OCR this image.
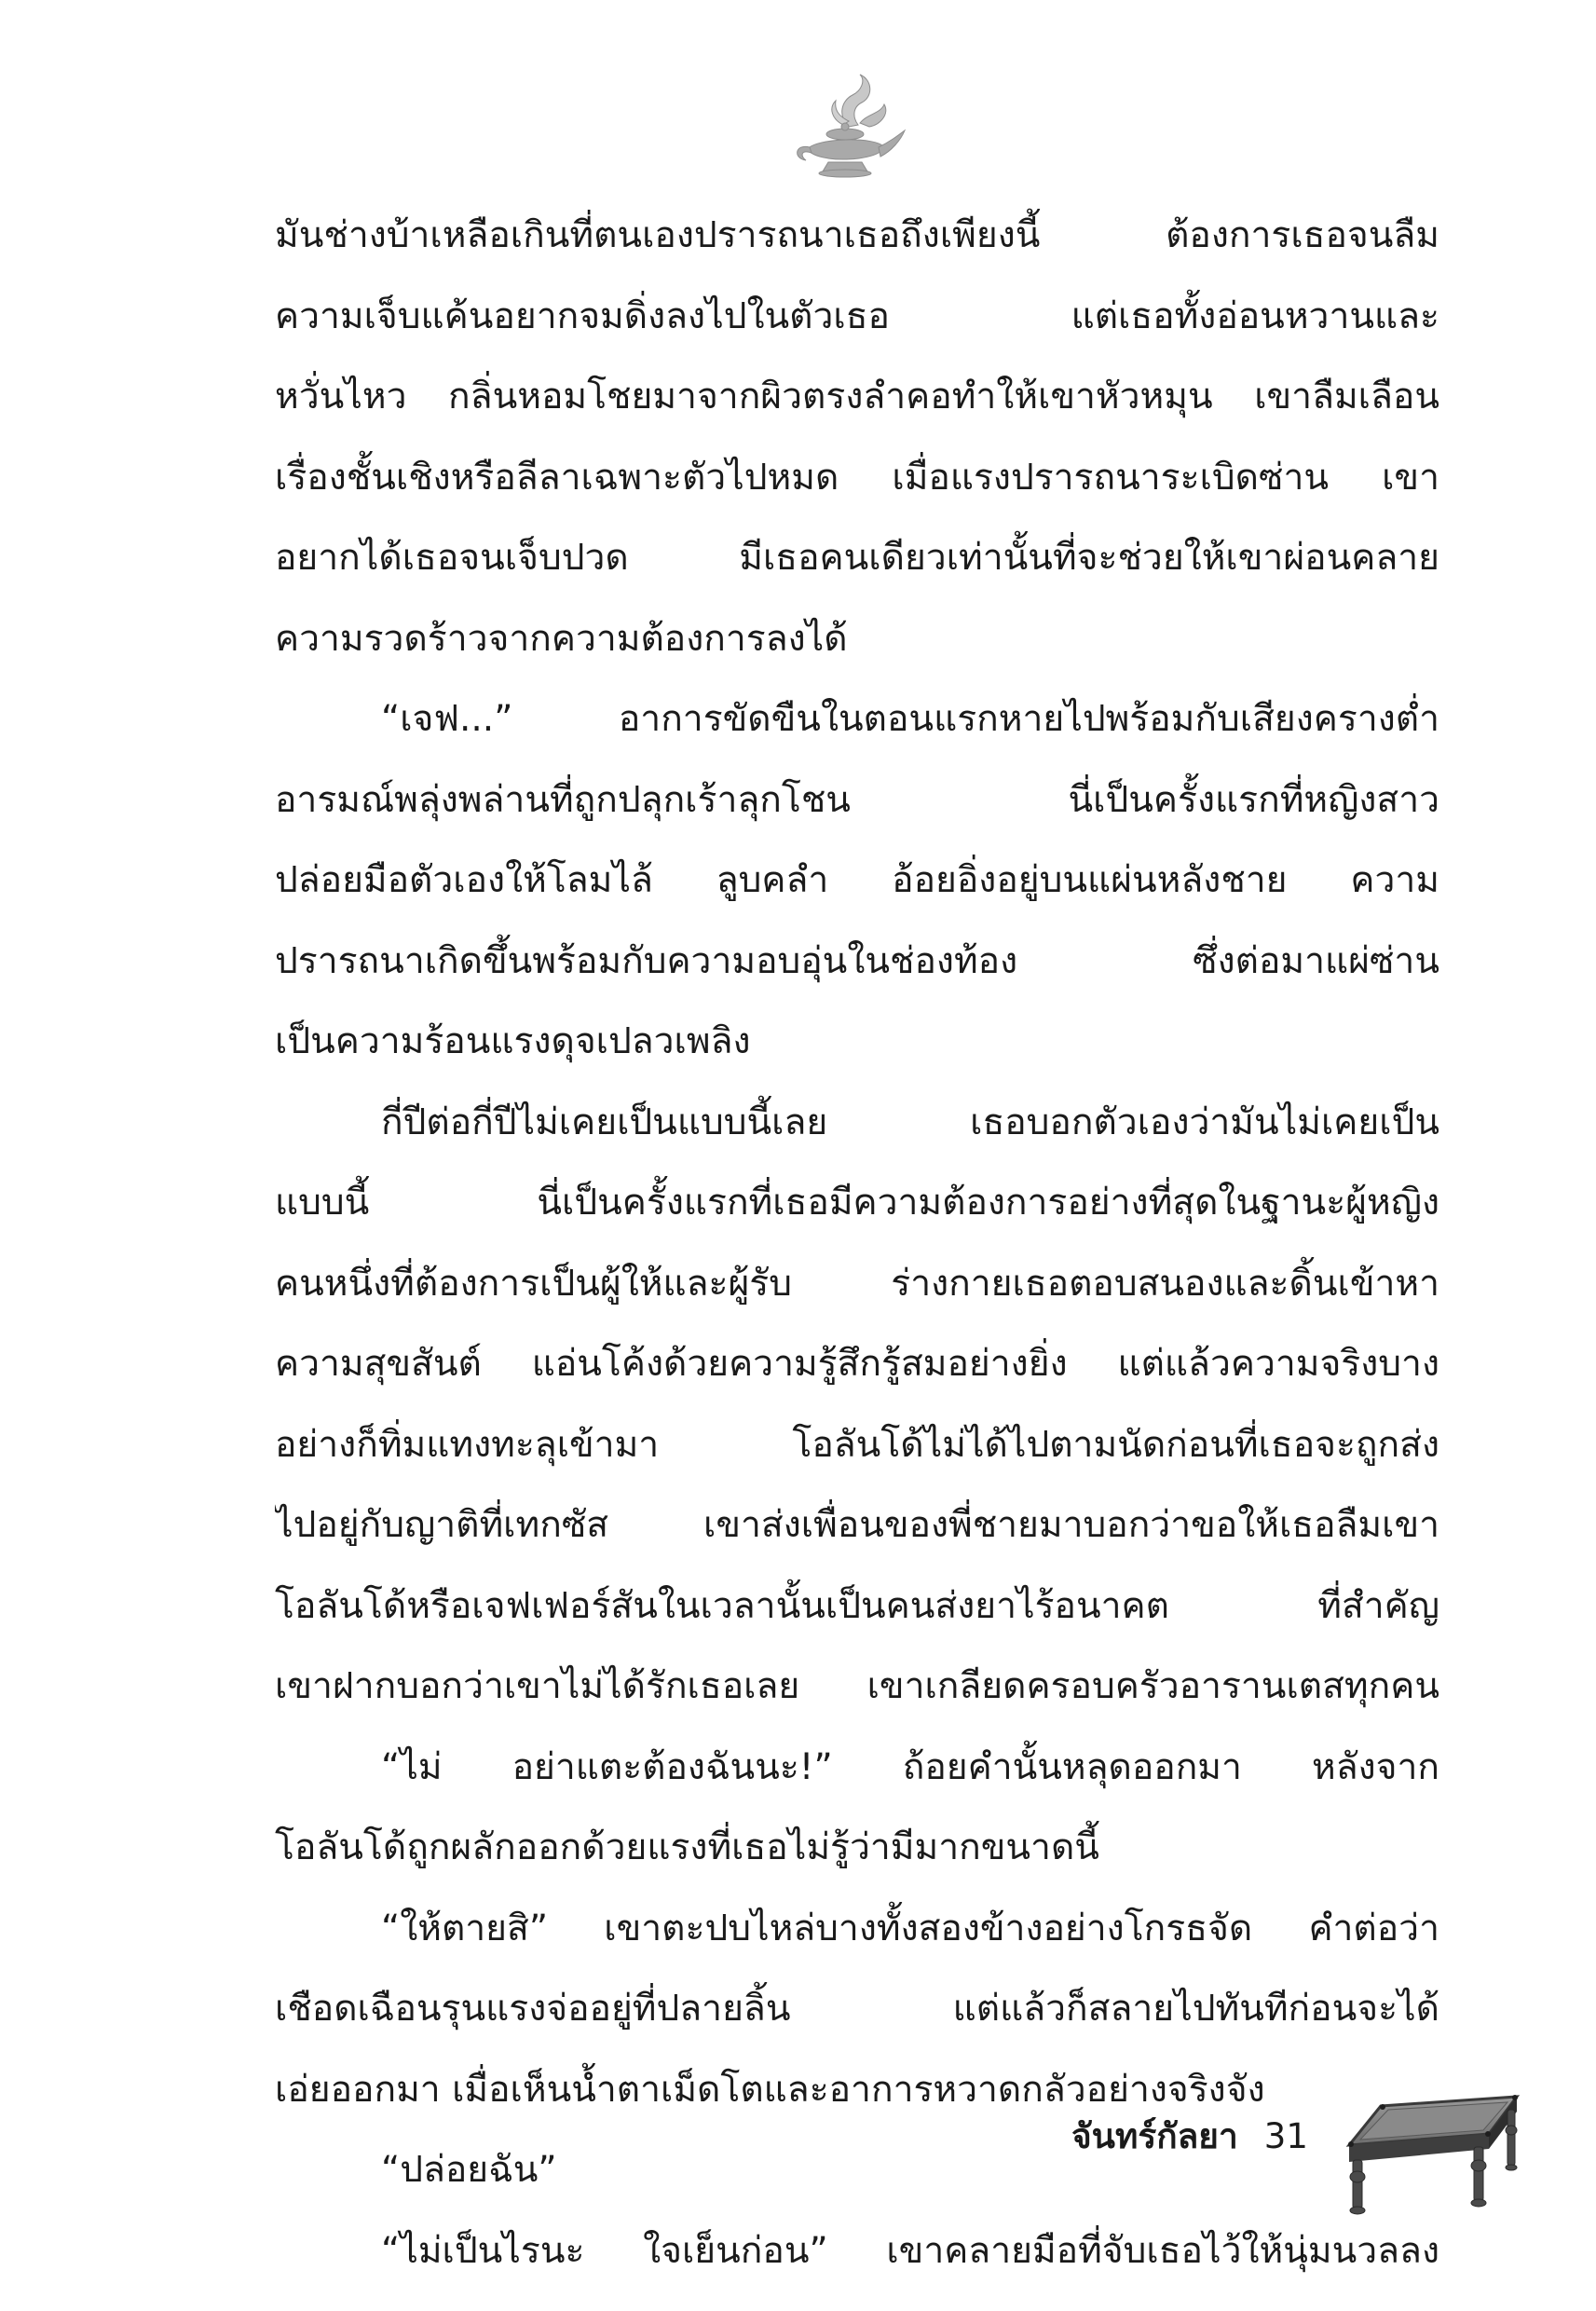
มันช่างบ้าเหลือเกินที่ตนเองปรารถนาเธอถึงเพียงนี้ ต้องการเธอจนลืม
ความเจ็บแค้นอยากจมดิ่งลงไปในตัวเธอ แต่เธอทั้งอ่อนหวานและ
หวั่นไหว กลิ่นหอมโชยมาจากผิวตรงลำคอทำให้เขาหัวหมุน เขาลืมเลือน
เรื่องชั้นเชิงหรือลีลาเฉพาะตัวไปหมด เมื่อแรงปรารถนาระเบิดซ่าน เขา
อยากได้เธอจนเจ็บปวด มีเธอคนเดียวเท่านั้นที่จะช่วยให้เขาผ่อนคลาย
ความรวดร้าวจากความต้องการลงได้
“เจฟ...” อาการขัดขืนในตอนแรกหายไปพร้อมกับเสียงครางต่ำ
อารมณ์พลุ่งพล่านที่ถูกปลุกเร้าลุกโชน นี่เป็นครั้งแรกที่หญิงสาว
ปล่อยมือตัวเองให้โลมไล้ ลูบคลำ อ้อยอิ่งอยู่บนแผ่นหลังชาย ความ
ปรารถนาเกิดขึ้นพร้อมกับความอบอุ่นในช่องท้อง ซึ่งต่อมาแผ่ซ่าน
เป็นความร้อนแรงดุจเปลวเพลิง
กี่ปีต่อกี่ปีไม่เคยเป็นแบบนี้เลย เธอบอกตัวเองว่ามันไม่เคยเป็น
แบบนี้ นี่เป็นครั้งแรกที่เธอมีความต้องการอย่างที่สุดในฐานะผู้หญิง
คนหนึ่งที่ต้องการเป็นผู้ให้และผู้รับ ร่างกายเธอตอบสนองและดิ้นเข้าหา
ความสุขสันต์ แอ่นโค้งด้วยความรู้สึกรู้สมอย่างยิ่ง แต่แล้วความจริงบาง
อย่างก็ทิ่มแทงทะลุเข้ามา โอลันโด้ไม่ได้ไปตามนัดก่อนที่เธอจะถูกส่ง
ไปอยู่กับญาติที่เทกซัส เขาส่งเพื่อนของพี่ชายมาบอกว่าขอให้เธอลืมเขา
โอลันโด้หรือเจฟเฟอร์สันในเวลานั้นเป็นคนส่งยาไร้อนาคต ที่สำคัญ
เขาฝากบอกว่าเขาไม่ได้รักเธอเลย เขาเกลียดครอบครัวอารานเตสทุกคน
“ไม่ อย่าแตะต้องฉันนะ!” ถ้อยคำนั้นหลุดออกมา หลังจาก
โอลันโด้ถูกผลักออกด้วยแรงที่เธอไม่รู้ว่ามีมากขนาดนี้
“ให้ตายสิ” เขาตะปบไหล่บางทั้งสองข้างอย่างโกรธจัด คำต่อว่า
เชือดเฉือนรุนแรงจ่ออยู่ที่ปลายลิ้น แต่แล้วก็สลายไปทันทีก่อนจะได้
เอ่ยออกมา เมื่อเห็นน้ำตาเม็ดโตและอาการหวาดกลัวอย่างจริงจัง
“ปล่อยฉัน”
“ไม่เป็นไรนะ ใจเย็นก่อน” เขาคลายมือที่จับเธอไว้ให้นุ่มนวลลง
จันทร์กัลยา 31
